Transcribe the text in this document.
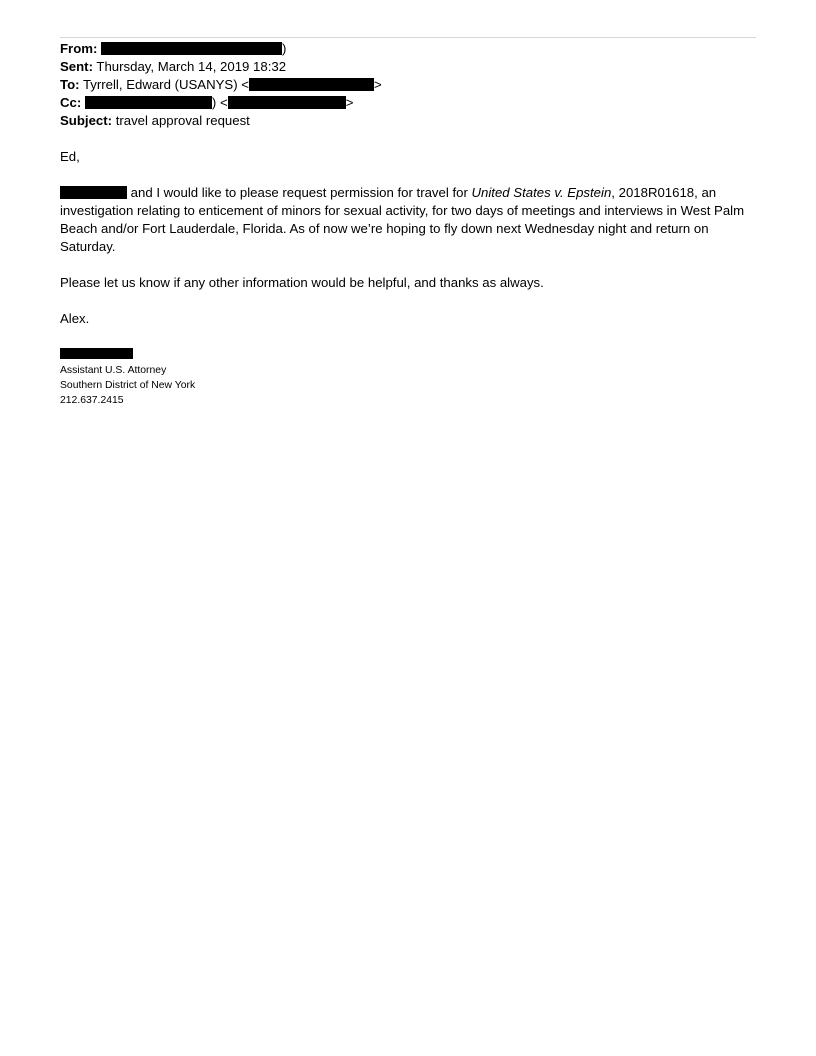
From:	)
Sent: Thursday, March 14, 2019 18:32
To: Tyrrell, Edward (USANYS) <	>
Cc:	) <	>
Subject: travel approval request

Ed,

and I would like to please request permission for travel for United States v. Epstein, 2018R01618, an investigation relating to enticement of minors for sexual activity, for two days of meetings and interviews in West Palm Beach and/or Fort Lauderdale, Florida. As of now we’re hoping to fly down next Wednesday night and return on Saturday.

Please let us know if any other information would be helpful, and thanks as always.

Alex.

Assistant U.S. Attorney
Southern District of New York
212.637.2415
